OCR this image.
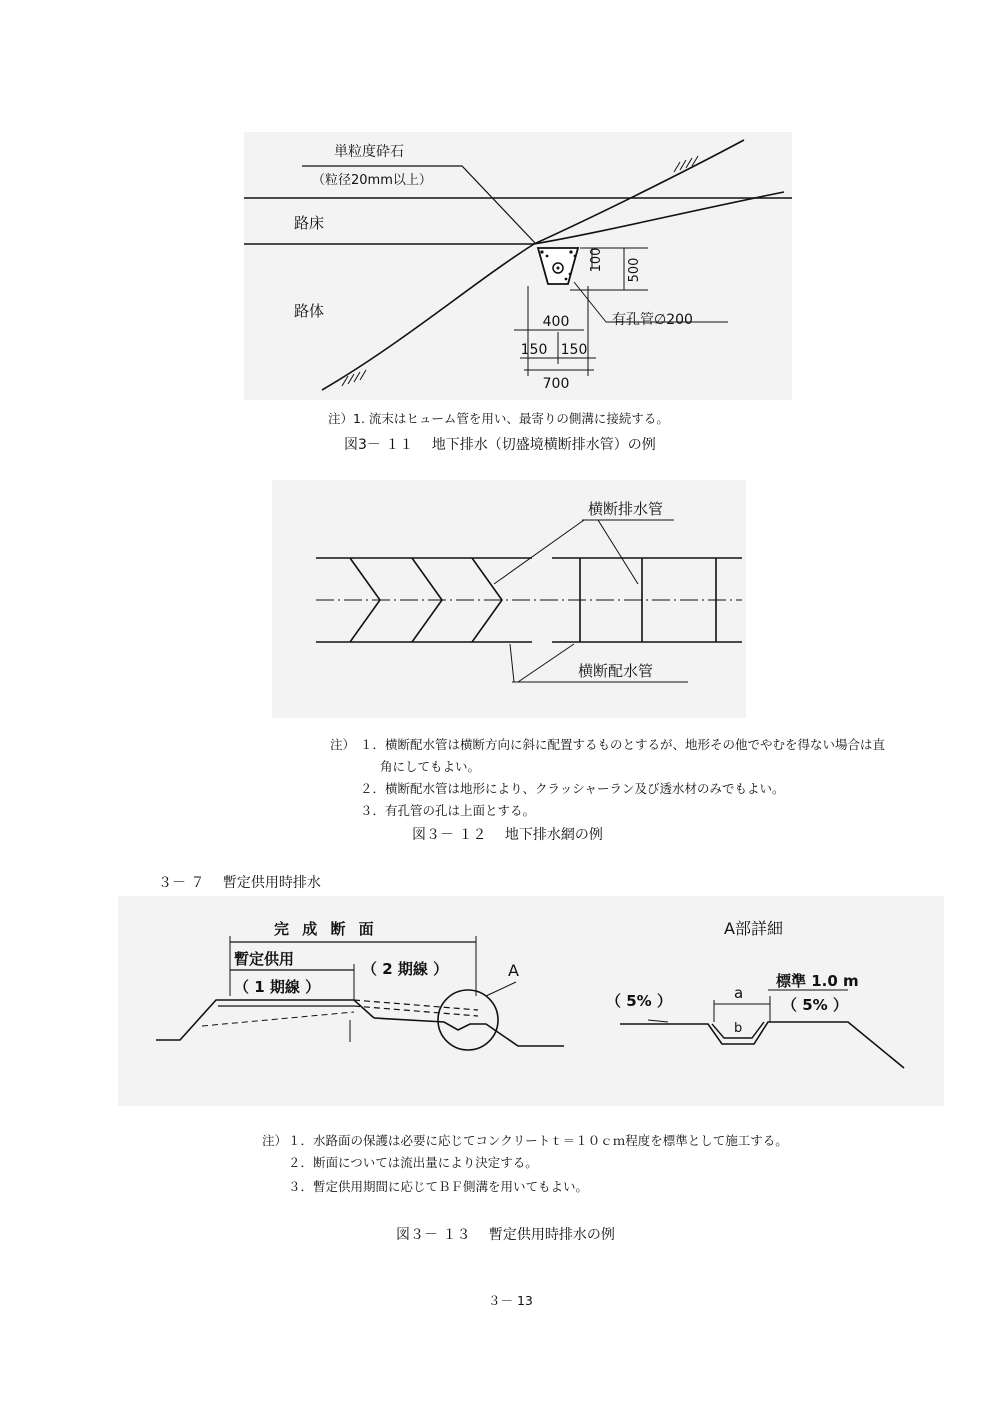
100 500
有孔管∅200
400
150 150
700
単粒度砕石
（粒径20mm以上）
路床
路体
注）1. 流末はヒューム管を用い、最寄りの側溝に接続する。
図3－ １１　 地下排水（切盛境横断排水管）の例
横断排水管
横断配水管
注） １．横断配水管は横断方向に斜に配置するものとするが、地形その他でやむを得ない場合は直
角にしてもよい。
２．横断配水管は地形により、クラッシャーラン及び透水材のみでもよい。
３．有孔管の孔は上面とする。
図３－ １２　 地下排水網の例
３－ ７　 暫定供用時排水
完 成 断 面
暫定供用
（ 1 期線 ）
（ 2 期線 ）	A
A部詳細
標準 1.0 m
（ 5% ）	（ 5% ）
a
b
注） １．水路面の保護は必要に応じてコンクリートｔ＝１０ｃｍ程度を標準として施工する。
２．断面については流出量により決定する。
３．暫定供用期間に応じてＢＦ側溝を用いてもよい。
図３－ １３　 暫定供用時排水の例
３－ 13
